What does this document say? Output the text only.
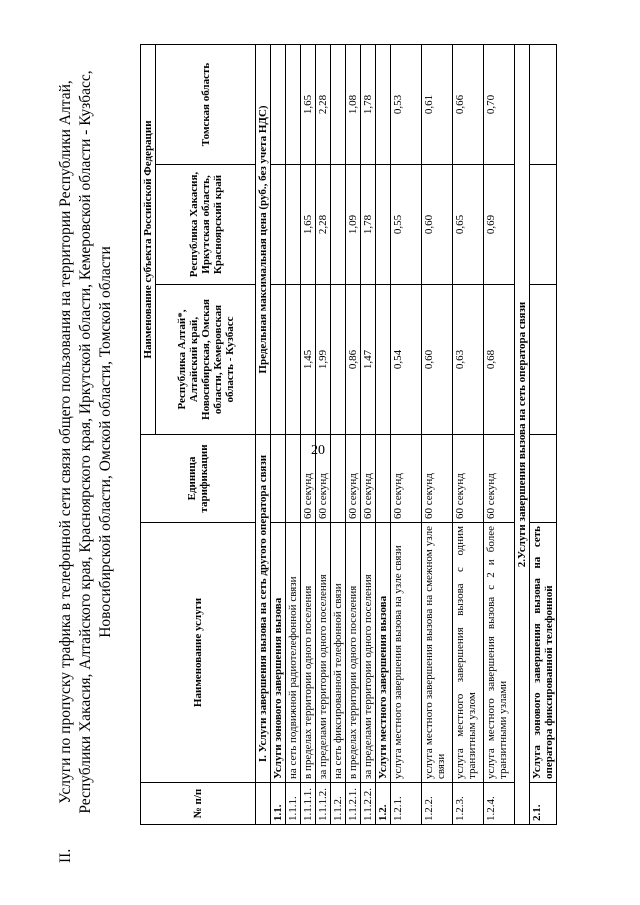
20
II.
Услуги по пропуску трафика в телефонной сети связи общего пользования на территории Республики Алтай, Республики Хакасия, Алтайского края, Красноярского края, Иркутской области, Кемеровской области - Кузбасс, Новосибирской области, Омской области, Томской области
№ п/п	Наименование услуги	Единица тарификации	Наименование субъекта Российской Федерации		
			Республика Алтай*, Алтайский край, Новосибирская, Омская области, Кемеровская область - Кузбасс	Республика Хакасия, Иркутская область, Красноярский край	Томская область
	I. Услуги завершения вызова на сеть другого оператора связи		Предельная максимальная цена (руб., без учета НДС)		
1.1.	Услуги зонового завершения вызова				
1.1.1.	на сеть подвижной радиотелефонной связи				
1.1.1.1.	в пределах территории одного поселения	60 секунд	1,45	1,65	1,65
1.1.1.2.	за пределами территории одного поселения	60 секунд	1,99	2,28	2,28
1.1.2.	на сеть фиксированной телефонной связи				
1.1.2.1.	в пределах территории одного поселения	60 секунд	0,86	1,09	1,08
1.1.2.2.	за пределами территории одного поселения	60 секунд	1,47	1,78	1,78
1.2.	Услуги местного завершения вызова				
1.2.1.	услуга местного завершения вызова на узле связи	60 секунд	0,54	0,55	0,53
1.2.2.	услуга местного завершения вызова на смежном узле связи	60 секунд	0,60	0,60	0,61
1.2.3.	услуга местного завершения вызова с одним транзитным узлом	60 секунд	0,63	0,65	0,66
1.2.4.	услуга местного завершения вызова с 2 и более транзитными узлами	60 секунд	0,68	0,69	0,70
2.Услуги завершения вызова на сеть оператора связи					
2.1.	Услуга зонового завершения вызова на сеть оператора фиксированной телефонной				
